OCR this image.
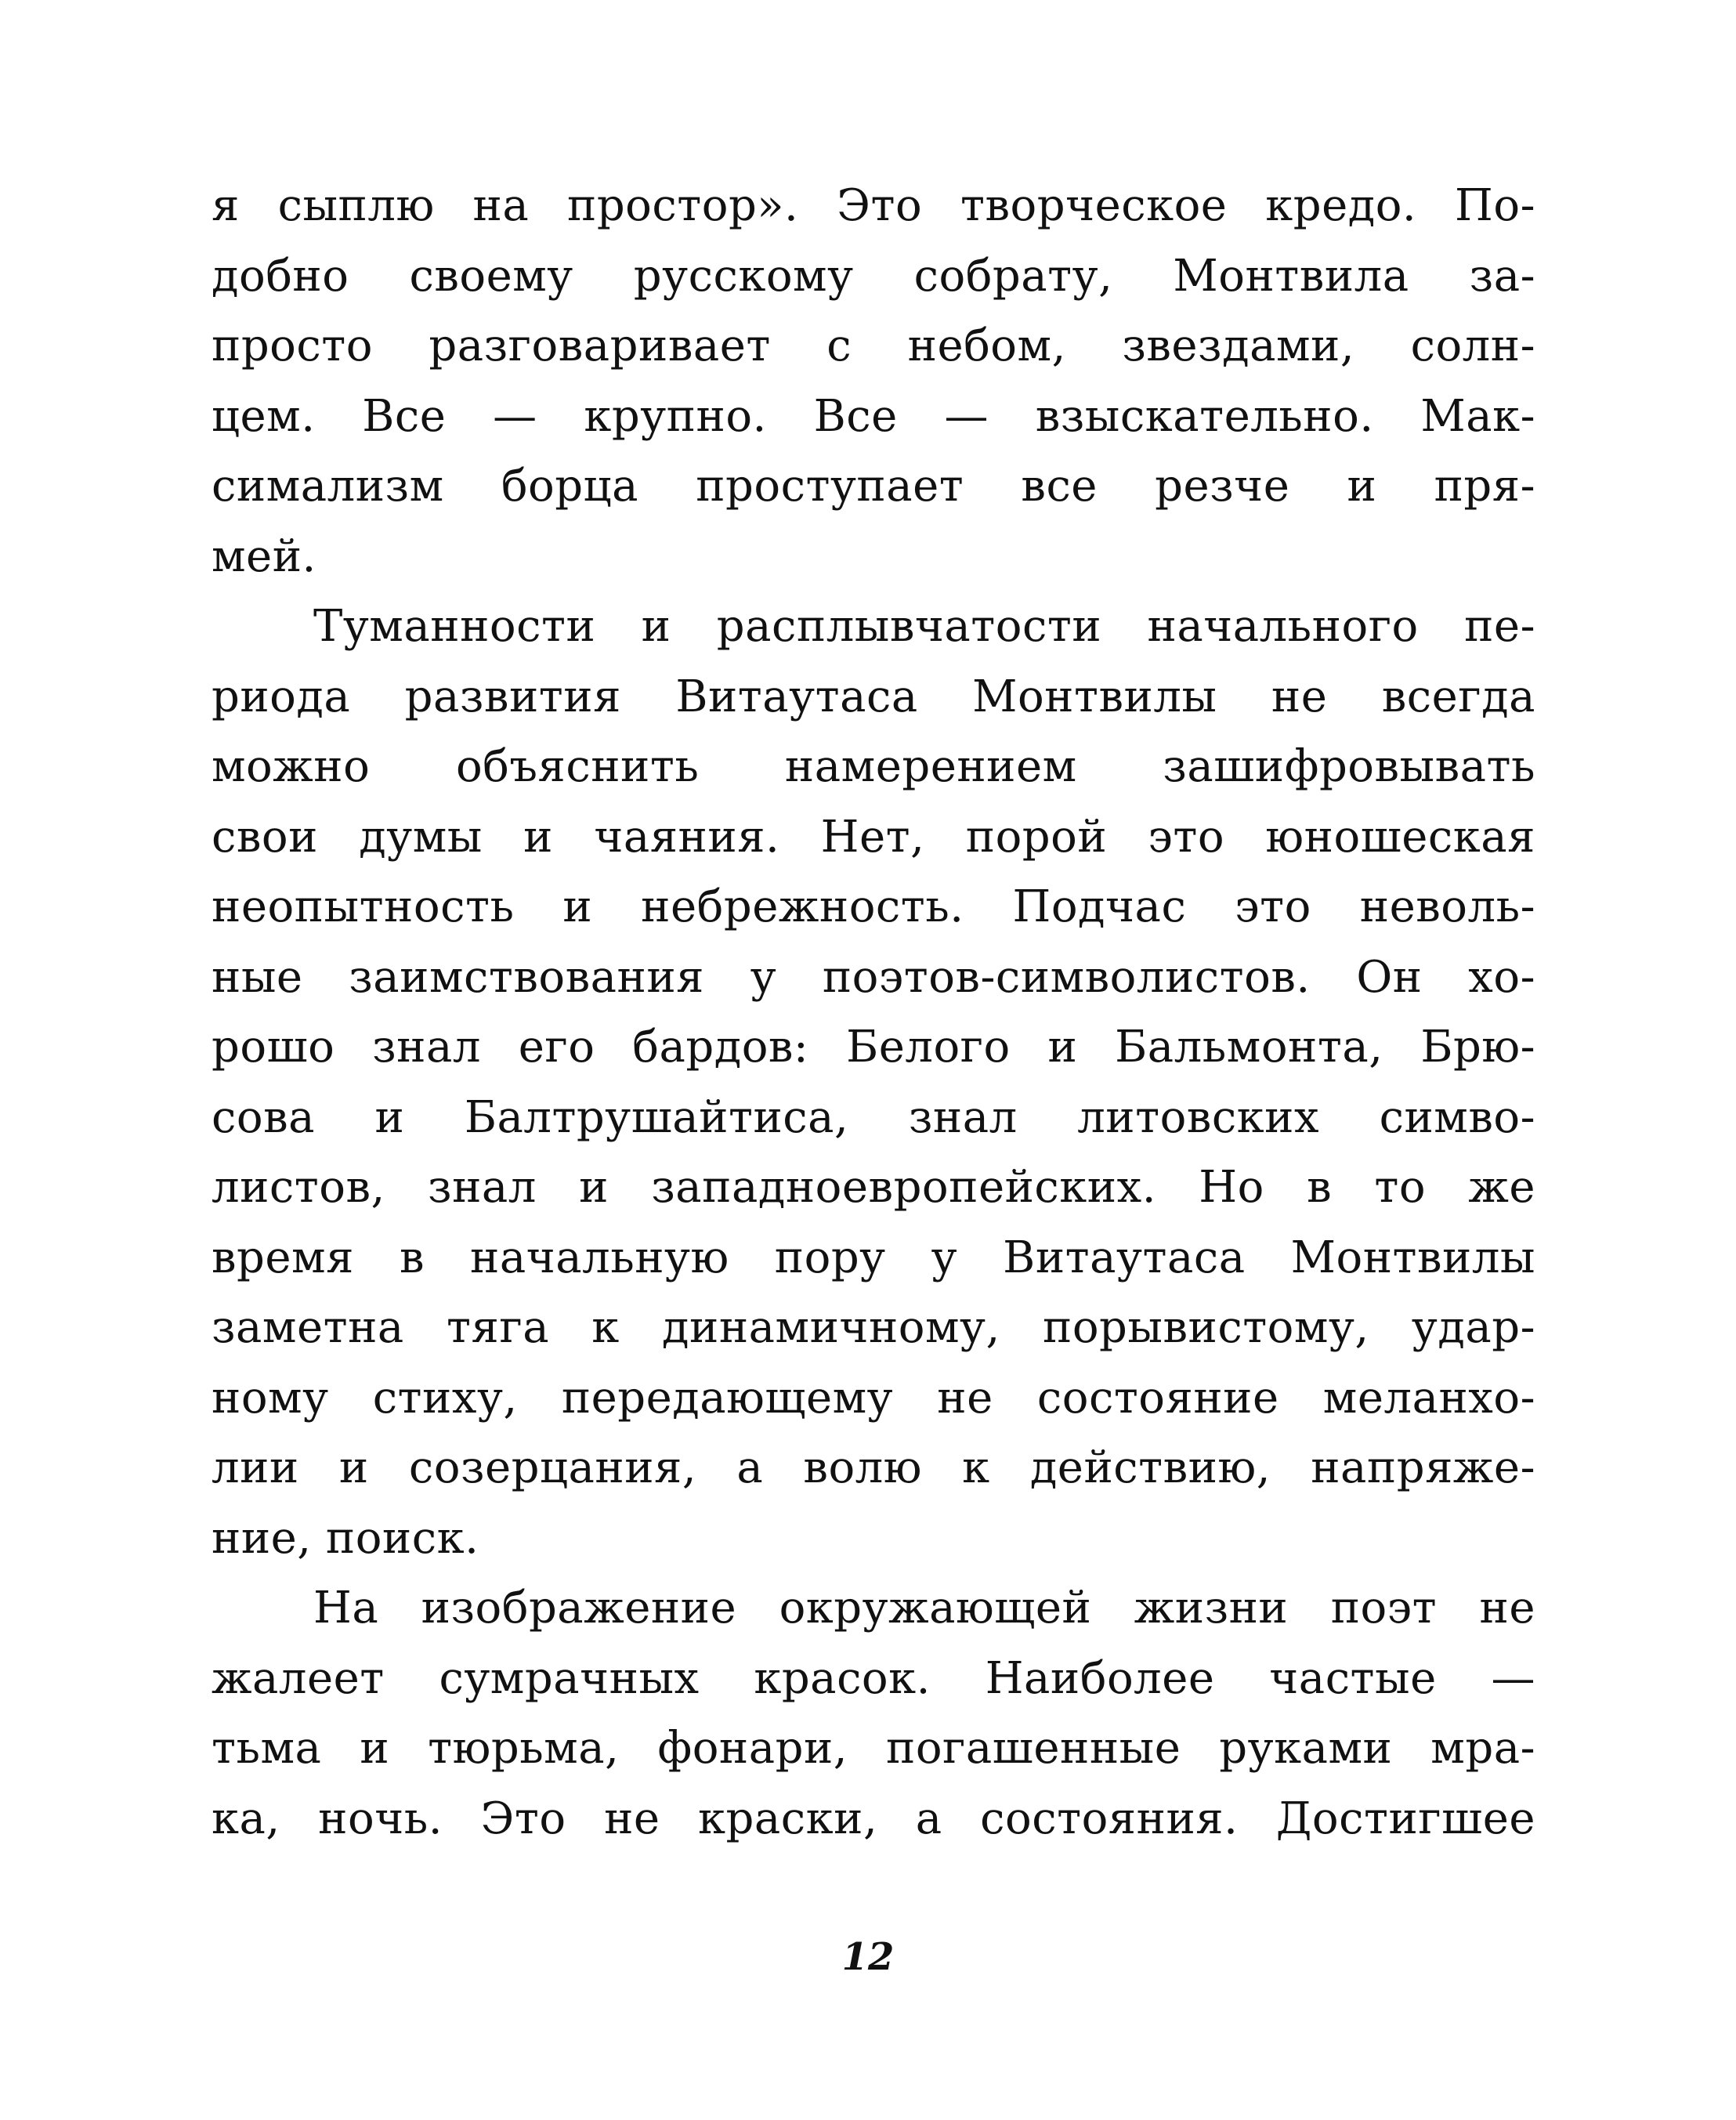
я сыплю на простор». Это творческое кредо. По-
добно своему русскому собрату, Монтвила за-
просто разговаривает с небом, звездами, солн-
цем. Все — крупно. Все — взыскательно. Мак-
симализм борца проступает все резче и пря-
мей.
Туманности и расплывчатости начального пе-
риода развития Витаутаса Монтвилы не всегда
можно объяснить намерением зашифровывать
свои думы и чаяния. Нет, порой это юношеская
неопытность и небрежность. Подчас это неволь-
ные заимствования у поэтов-символистов. Он хо-
рошо знал его бардов: Белого и Бальмонта, Брю-
сова и Балтрушайтиса, знал литовских симво-
листов, знал и западноевропейских. Но в то же
время в начальную пору у Витаутаса Монтвилы
заметна тяга к динамичному, порывистому, удар-
ному стиху, передающему не состояние меланхо-
лии и созерцания, а волю к действию, напряже-
ние, поиск.
На изображение окружающей жизни поэт не
жалеет сумрачных красок. Наиболее частые —
тьма и тюрьма, фонари, погашенные руками мра-
ка, ночь. Это не краски, а состояния. Достигшее
12
